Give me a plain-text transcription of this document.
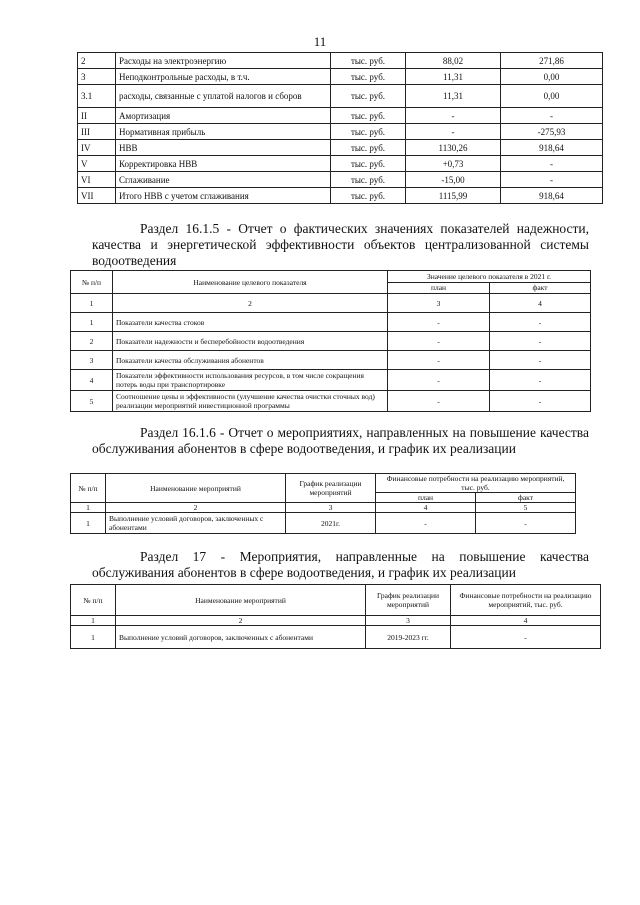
11
2	Расходы на электроэнергию	тыс. руб.	88,02	271,86
3	Неподконтрольные расходы, в т.ч.	тыс. руб.	11,31	0,00
3.1	расходы, связанные с уплатой налогов и сборов	тыс. руб.	11,31	0,00
II	Амортизация	тыс. руб.	-	-
III	Нормативная прибыль	тыс. руб.	-	-275,93
IV	НВВ	тыс. руб.	1130,26	918,64
V	Корректировка НВВ	тыс. руб.	+0,73	-
VI	Сглаживание	тыс. руб.	-15,00	-
VII	Итого НВВ с учетом сглаживания	тыс. руб.	1115,99	918,64
Раздел 16.1.5 - Отчет о фактических значениях показателей надежности, качества и энергетической эффективности объектов централизованной системы водоотведения
№ п/п	Наименование целевого показателя	Значение целевого показателя в 2021 г.	
		план	факт
1	2	3	4
1	Показатели качества стоков	-	-
2	Показатели надежности и бесперебойности водоотведения	-	-
3	Показатели качества обслуживания абонентов	-	-
4	Показатели эффективности использования ресурсов, в том числе сокращения потерь воды при транспортировке	-	-
5	Соотношение цены и эффективности (улучшение качества очистки сточных вод) реализации мероприятий инвестиционной программы	-	-
Раздел 16.1.6 - Отчет о мероприятиях, направленных на повышение качества обслуживания абонентов в сфере водоотведения, и график их реализации
№ п/п	Наименование мероприятий	График реализации мероприятий	Финансовые потребности на реализацию мероприятий, тыс. руб.	
			план	факт
1	2	3	4	5
1	Выполнение условий договоров, заключенных с абонентами	2021г.	-	-
Раздел 17 - Мероприятия, направленные на повышение качества обслуживания абонентов в сфере водоотведения, и график их реализации
№ п/п	Наименование мероприятий	График реализации мероприятий	Финансовые потребности на реализацию мероприятий, тыс. руб.
1	2	3	4
1	Выполнение условий договоров, заключенных с абонентами	2019-2023 гг.	-
